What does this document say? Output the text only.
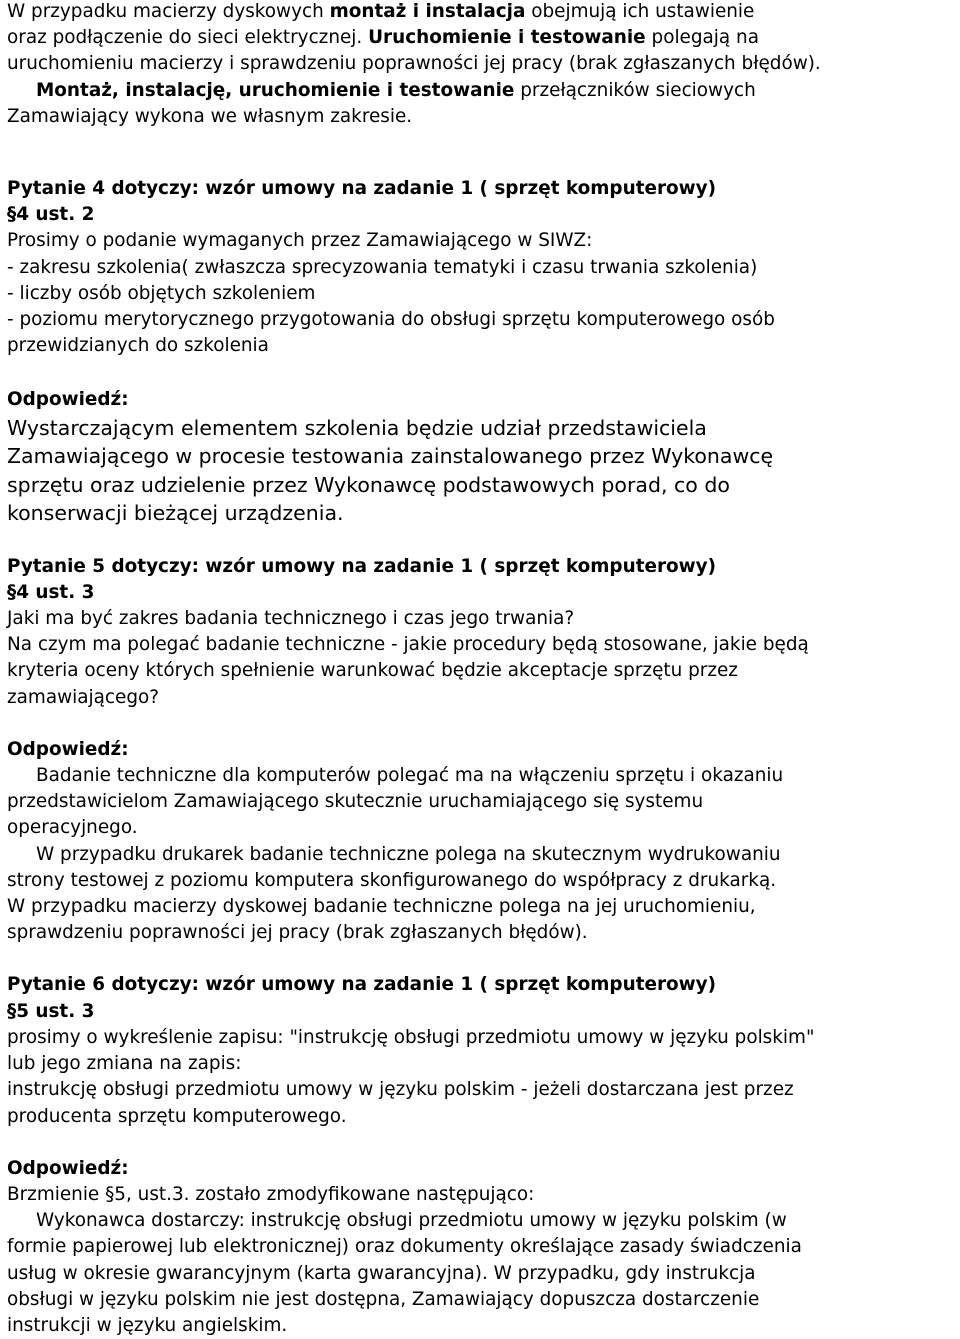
W przypadku macierzy dyskowych montaż i instalacja obejmują ich ustawienie

oraz podłączenie do sieci elektrycznej. Uruchomienie i testowanie polegają na

uruchomieniu macierzy i sprawdzeniu poprawności jej pracy (brak zgłaszanych błędów).

Montaż, instalację, uruchomienie i testowanie przełączników sieciowych

Zamawiający wykona we własnym zakresie.

Pytanie 4 dotyczy: wzór umowy na zadanie 1 ( sprzęt komputerowy)

§4 ust. 2

Prosimy o podanie wymaganych przez Zamawiającego w SIWZ:

- zakresu szkolenia( zwłaszcza sprecyzowania tematyki i czasu trwania szkolenia)

- liczby osób objętych szkoleniem

- poziomu merytorycznego przygotowania do obsługi sprzętu komputerowego osób

przewidzianych do szkolenia

Odpowiedź:

Wystarczającym elementem szkolenia będzie udział przedstawiciela

Zamawiającego w procesie testowania zainstalowanego przez Wykonawcę

sprzętu oraz udzielenie przez Wykonawcę podstawowych porad, co do

konserwacji bieżącej urządzenia.

Pytanie 5 dotyczy: wzór umowy na zadanie 1 ( sprzęt komputerowy)

§4 ust. 3

Jaki ma być zakres badania technicznego i czas jego trwania?

Na czym ma polegać badanie techniczne - jakie procedury będą stosowane, jakie będą

kryteria oceny których spełnienie warunkować będzie akceptacje sprzętu przez

zamawiającego?

Odpowiedź:

Badanie techniczne dla komputerów polegać ma na włączeniu sprzętu i okazaniu

przedstawicielom Zamawiającego skutecznie uruchamiającego się systemu

operacyjnego.

W przypadku drukarek badanie techniczne polega na skutecznym wydrukowaniu

strony testowej z poziomu komputera skonfigurowanego do współpracy z drukarką.

W przypadku macierzy dyskowej badanie techniczne polega na jej uruchomieniu,

sprawdzeniu poprawności jej pracy (brak zgłaszanych błędów).

Pytanie 6 dotyczy: wzór umowy na zadanie 1 ( sprzęt komputerowy)

§5 ust. 3

prosimy o wykreślenie zapisu: "instrukcję obsługi przedmiotu umowy w języku polskim"

lub jego zmiana na zapis:

instrukcję obsługi przedmiotu umowy w języku polskim - jeżeli dostarczana jest przez

producenta sprzętu komputerowego.

Odpowiedź:

Brzmienie §5, ust.3. zostało zmodyfikowane następująco:

Wykonawca dostarczy: instrukcję obsługi przedmiotu umowy w języku polskim (w

formie papierowej lub elektronicznej) oraz dokumenty określające zasady świadczenia

usług w okresie gwarancyjnym (karta gwarancyjna). W przypadku, gdy instrukcja

obsługi w języku polskim nie jest dostępna, Zamawiający dopuszcza dostarczenie

instrukcji w języku angielskim.
